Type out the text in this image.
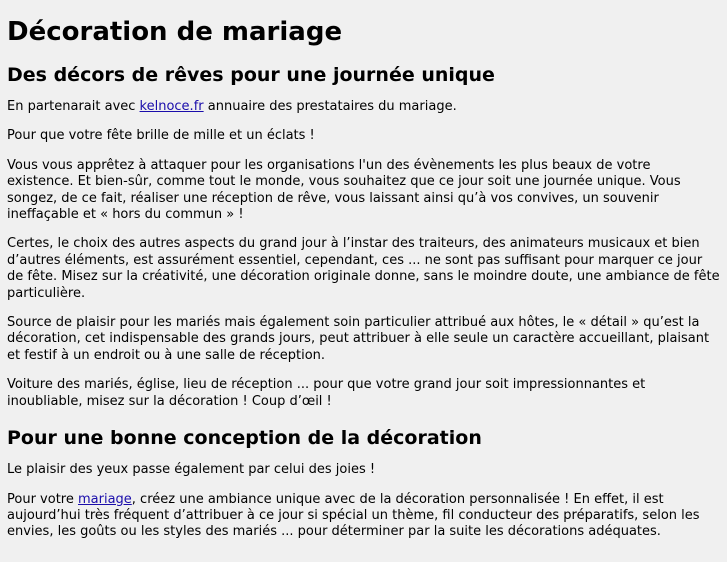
Décoration de mariage
Des décors de rêves pour une journée unique

En partenarait avec kelnoce.fr annuaire des prestataires du mariage.

Pour que votre fête brille de mille et un éclats !

Vous vous apprêtez à attaquer pour les organisations l'un des évènements les plus beaux de votre existence. Et bien-sûr, comme tout le monde, vous souhaitez que ce jour soit une journée unique. Vous songez, de ce fait, réaliser une réception de rêve, vous laissant ainsi qu’à vos convives, un souvenir ineffaçable et « hors du commun » !

Certes, le choix des autres aspects du grand jour à l’instar des traiteurs, des animateurs musicaux et bien d’autres éléments, est assurément essentiel, cependant, ces ... ne sont pas suffisant pour marquer ce jour de fête. Misez sur la créativité, une décoration originale donne, sans le moindre doute, une ambiance de fête particulière.

Source de plaisir pour les mariés mais également soin particulier attribué aux hôtes, le « détail » qu’est la décoration, cet indispensable des grands jours, peut attribuer à elle seule un caractère accueillant, plaisant et festif à un endroit ou à une salle de réception.

Voiture des mariés, église, lieu de réception ... pour que votre grand jour soit impressionnantes et inoubliable, misez sur la décoration ! Coup d’œil !

Pour une bonne conception de la décoration

Le plaisir des yeux passe également par celui des joies !

Pour votre mariage, créez une ambiance unique avec de la décoration personnalisée ! En effet, il est aujourd’hui très fréquent d’attribuer à ce jour si spécial un thème, fil conducteur des préparatifs, selon les envies, les goûts ou les styles des mariés ... pour déterminer par la suite les décorations adéquates.
